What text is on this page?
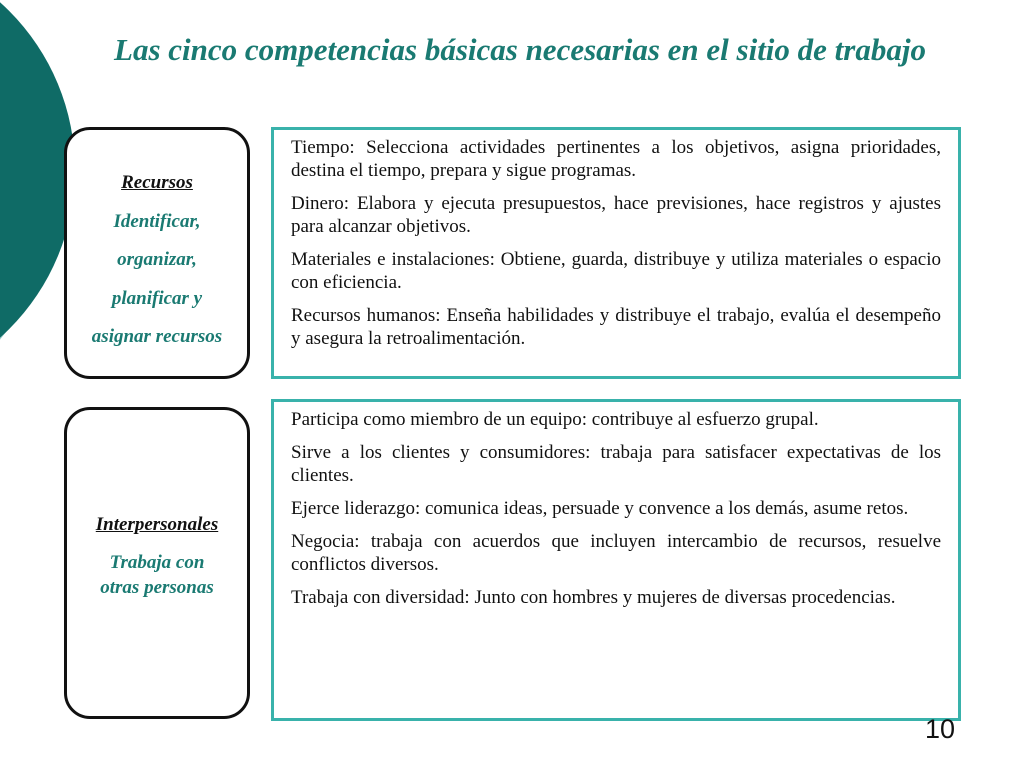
Las cinco competencias básicas necesarias en el sitio de trabajo
Recursos
Identificar,
organizar,
planificar y
asignar recursos

Tiempo: Selecciona actividades pertinentes a los objetivos, asigna prioridades, destina el tiempo, prepara y sigue programas.

Dinero: Elabora y ejecuta presupuestos, hace previsiones, hace registros y ajustes para alcanzar objetivos.

Materiales e instalaciones: Obtiene, guarda, distribuye y utiliza materiales o espacio con eficiencia.

Recursos humanos: Enseña habilidades y distribuye el trabajo, evalúa el desempeño y asegura la retroalimentación.

Interpersonales
Trabaja con
otras personas

Participa como miembro de un equipo: contribuye al esfuerzo grupal.

Sirve a los clientes y consumidores: trabaja para satisfacer expectativas de los clientes.

Ejerce liderazgo: comunica ideas, persuade y convence a los demás, asume retos.

Negocia: trabaja con acuerdos que incluyen intercambio de recursos, resuelve conflictos diversos.

Trabaja con diversidad: Junto con hombres y mujeres de diversas procedencias.

10
